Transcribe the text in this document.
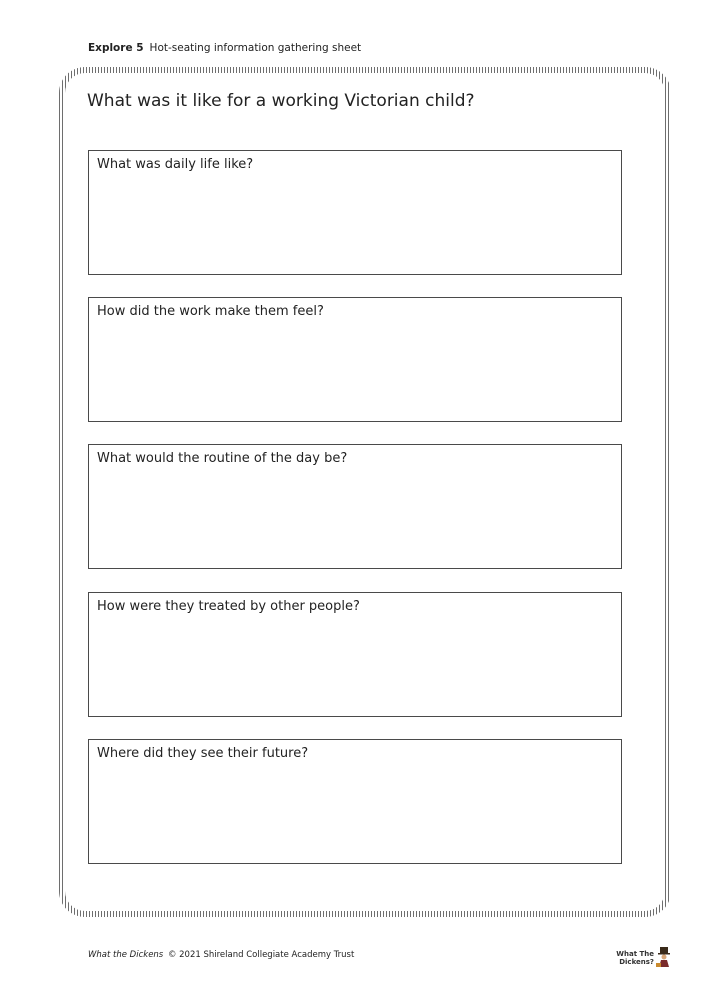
Explore 5 Hot-seating information gathering sheet
What was it like for a working Victorian child?
What was daily life like?
How did the work make them feel?
What would the routine of the day be?
How were they treated by other people?
Where did they see their future?
What the Dickens © 2021 Shireland Collegiate Academy Trust	What The
Dickens?
